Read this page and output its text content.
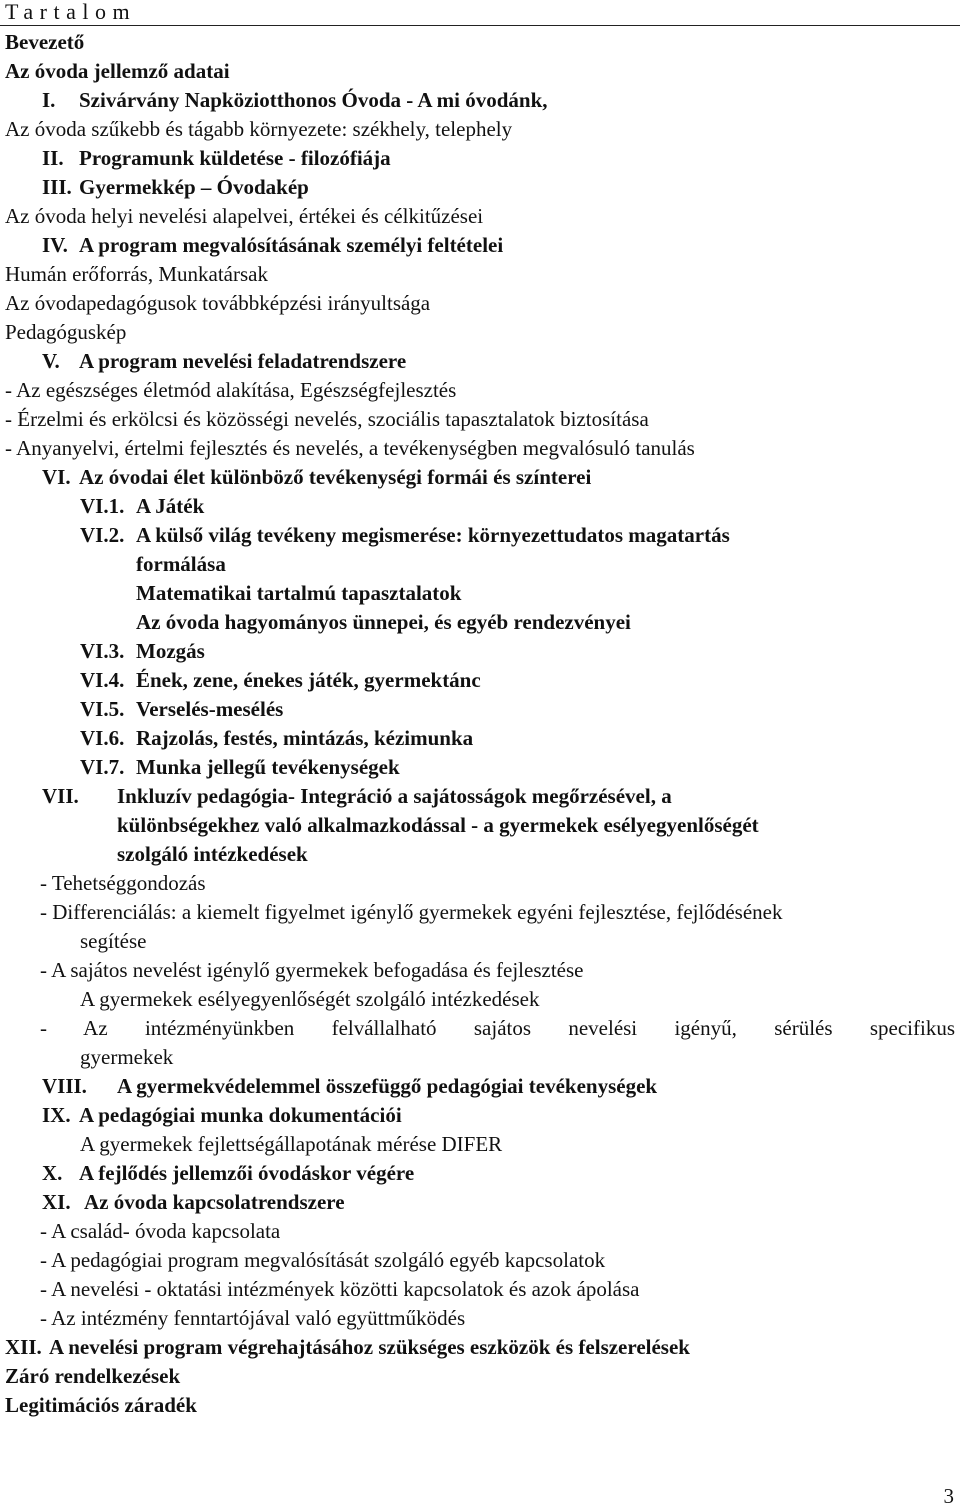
Tartalom
Bevezető
Az óvoda jellemző adatai
I. Szivárvány Napköziotthonos Óvoda - A mi óvodánk,
Az óvoda szűkebb és tágabb környezete: székhely, telephely
II. Programunk küldetése - filozófiája
III. Gyermekkép – Óvodakép
Az óvoda helyi nevelési alapelvei, értékei és célkitűzései
IV. A program megvalósításának személyi feltételei
Humán erőforrás, Munkatársak
Az óvodapedagógusok továbbképzési irányultsága
Pedagóguskép
V. A program nevelési feladatrendszere
- Az egészséges életmód alakítása, Egészségfejlesztés
- Érzelmi és erkölcsi és közösségi nevelés, szociális tapasztalatok biztosítása
- Anyanyelvi, értelmi fejlesztés és nevelés, a tevékenységben megvalósuló tanulás
VI. Az óvodai élet különböző tevékenységi formái és színterei
VI.1. A Játék
VI.2. A külső világ tevékeny megismerése: környezettudatos magatartás
formálása
Matematikai tartalmú tapasztalatok
Az óvoda hagyományos ünnepei, és egyéb rendezvényei
VI.3. Mozgás
VI.4. Ének, zene, énekes játék, gyermektánc
VI.5. Verselés-mesélés
VI.6. Rajzolás, festés, mintázás, kézimunka
VI.7. Munka jellegű tevékenységek
VII. Inkluzív pedagógia- Integráció a sajátosságok megőrzésével, a
különbségekhez való alkalmazkodással - a gyermekek esélyegyenlőségét
szolgáló intézkedések
- Tehetséggondozás
- Differenciálás: a kiemelt figyelmet igénylő gyermekek egyéni fejlesztése, fejlődésének
segítése
- A sajátos nevelést igénylő gyermekek befogadása és fejlesztése
A gyermekek esélyegyenlőségét szolgáló intézkedések
- Az intézményünkben felvállalható sajátos nevelési igényű, sérülés specifikus
gyermekek
VIII. A gyermekvédelemmel összefüggő pedagógiai tevékenységek
IX. A pedagógiai munka dokumentációi
A gyermekek fejlettségállapotának mérése DIFER
X. A fejlődés jellemzői óvodáskor végére
XI. Az óvoda kapcsolatrendszere
- A család- óvoda kapcsolata
- A pedagógiai program megvalósítását szolgáló egyéb kapcsolatok
- A nevelési - oktatási intézmények közötti kapcsolatok és azok ápolása
- Az intézmény fenntartójával való együttműködés
XII. A nevelési program végrehajtásához szükséges eszközök és felszerelések
Záró rendelkezések
Legitimációs záradék
3
